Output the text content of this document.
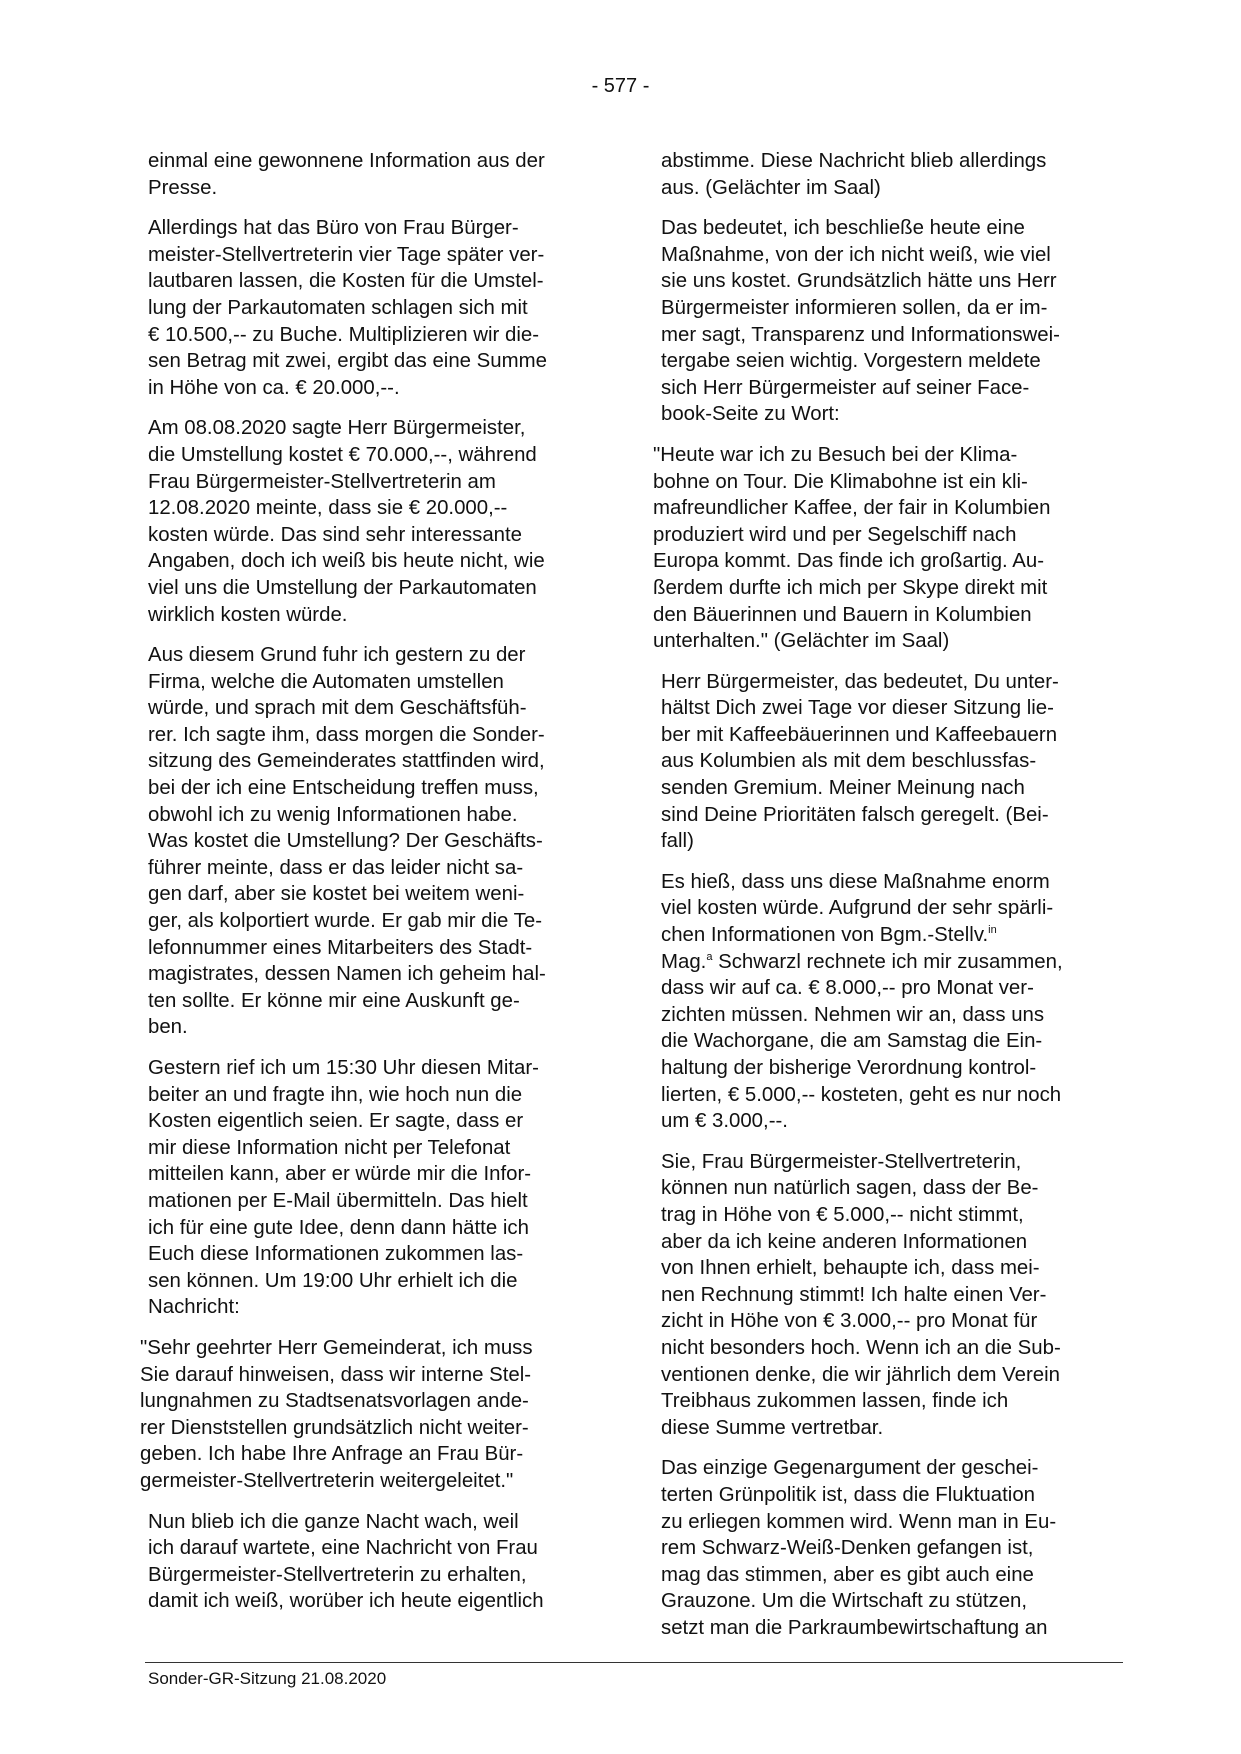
- 577 -

einmal eine gewonnene Information aus der
Presse.

Allerdings hat das Büro von Frau Bürger-
meister-Stellvertreterin vier Tage später ver-
lautbaren lassen, die Kosten für die Umstel-
lung der Parkautomaten schlagen sich mit
€ 10.500,-- zu Buche. Multiplizieren wir die-
sen Betrag mit zwei, ergibt das eine Summe
in Höhe von ca. € 20.000,--.

Am 08.08.2020 sagte Herr Bürgermeister,
die Umstellung kostet € 70.000,--, während
Frau Bürgermeister-Stellvertreterin am
12.08.2020 meinte, dass sie € 20.000,--
kosten würde. Das sind sehr interessante
Angaben, doch ich weiß bis heute nicht, wie
viel uns die Umstellung der Parkautomaten
wirklich kosten würde.

Aus diesem Grund fuhr ich gestern zu der
Firma, welche die Automaten umstellen
würde, und sprach mit dem Geschäftsfüh-
rer. Ich sagte ihm, dass morgen die Sonder-
sitzung des Gemeinderates stattfinden wird,
bei der ich eine Entscheidung treffen muss,
obwohl ich zu wenig Informationen habe.
Was kostet die Umstellung? Der Geschäfts-
führer meinte, dass er das leider nicht sa-
gen darf, aber sie kostet bei weitem weni-
ger, als kolportiert wurde. Er gab mir die Te-
lefonnummer eines Mitarbeiters des Stadt-
magistrates, dessen Namen ich geheim hal-
ten sollte. Er könne mir eine Auskunft ge-
ben.

Gestern rief ich um 15:30 Uhr diesen Mitar-
beiter an und fragte ihn, wie hoch nun die
Kosten eigentlich seien. Er sagte, dass er
mir diese Information nicht per Telefonat
mitteilen kann, aber er würde mir die Infor-
mationen per E-Mail übermitteln. Das hielt
ich für eine gute Idee, denn dann hätte ich
Euch diese Informationen zukommen las-
sen können. Um 19:00 Uhr erhielt ich die
Nachricht:

"Sehr geehrter Herr Gemeinderat, ich muss
Sie darauf hinweisen, dass wir interne Stel-
lungnahmen zu Stadtsenatsvorlagen ande-
rer Dienststellen grundsätzlich nicht weiter-
geben. Ich habe Ihre Anfrage an Frau Bür-
germeister-Stellvertreterin weitergeleitet."

Nun blieb ich die ganze Nacht wach, weil
ich darauf wartete, eine Nachricht von Frau
Bürgermeister-Stellvertreterin zu erhalten,
damit ich weiß, worüber ich heute eigentlich

abstimme. Diese Nachricht blieb allerdings
aus. (Gelächter im Saal)

Das bedeutet, ich beschließe heute eine
Maßnahme, von der ich nicht weiß, wie viel
sie uns kostet. Grundsätzlich hätte uns Herr
Bürgermeister informieren sollen, da er im-
mer sagt, Transparenz und Informationswei-
tergabe seien wichtig. Vorgestern meldete
sich Herr Bürgermeister auf seiner Face-
book-Seite zu Wort:

"Heute war ich zu Besuch bei der Klima-
bohne on Tour. Die Klimabohne ist ein kli-
mafreundlicher Kaffee, der fair in Kolumbien
produziert wird und per Segelschiff nach
Europa kommt. Das finde ich großartig. Au-
ßerdem durfte ich mich per Skype direkt mit
den Bäuerinnen und Bauern in Kolumbien
unterhalten." (Gelächter im Saal)

Herr Bürgermeister, das bedeutet, Du unter-
hältst Dich zwei Tage vor dieser Sitzung lie-
ber mit Kaffeebäuerinnen und Kaffeebauern
aus Kolumbien als mit dem beschlussfas-
senden Gremium. Meiner Meinung nach
sind Deine Prioritäten falsch geregelt. (Bei-
fall)

Es hieß, dass uns diese Maßnahme enorm
viel kosten würde. Aufgrund der sehr spärli-
chen Informationen von Bgm.-Stellv.$^{in}$
Mag.$^a$ Schwarzl rechnete ich mir zusammen,
dass wir auf ca. € 8.000,-- pro Monat ver-
zichten müssen. Nehmen wir an, dass uns
die Wachorgane, die am Samstag die Ein-
haltung der bisherige Verordnung kontrol-
lierten, € 5.000,-- kosteten, geht es nur noch
um € 3.000,--.

Sie, Frau Bürgermeister-Stellvertreterin,
können nun natürlich sagen, dass der Be-
trag in Höhe von € 5.000,-- nicht stimmt,
aber da ich keine anderen Informationen
von Ihnen erhielt, behaupte ich, dass mei-
nen Rechnung stimmt! Ich halte einen Ver-
zicht in Höhe von € 3.000,-- pro Monat für
nicht besonders hoch. Wenn ich an die Sub-
ventionen denke, die wir jährlich dem Verein
Treibhaus zukommen lassen, finde ich
diese Summe vertretbar.

Das einzige Gegenargument der geschei-
terten Grünpolitik ist, dass die Fluktuation
zu erliegen kommen wird. Wenn man in Eu-
rem Schwarz-Weiß-Denken gefangen ist,
mag das stimmen, aber es gibt auch eine
Grauzone. Um die Wirtschaft zu stützen,
setzt man die Parkraumbewirtschaftung an

Sonder-GR-Sitzung 21.08.2020
